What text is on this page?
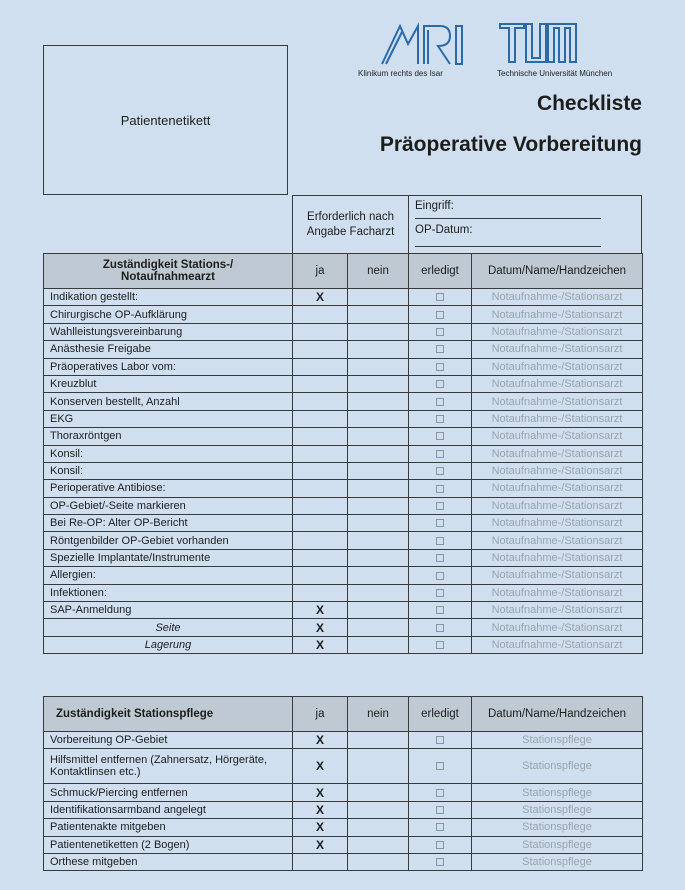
Patientenetikett
Klinikum rechts des Isar	Technische Universität München
Checkliste
Präoperative Vorbereitung
Erforderlich nach Angabe Facharzt
Eingriff:
OP-Datum:
Zuständigkeit Stations-/ Notaufnahmearzt	ja	nein	erledigt	Datum/Name/Handzeichen
Indikation gestellt:	X			Notaufnahme-/Stationsarzt
Chirurgische OP-Aufklärung				Notaufnahme-/Stationsarzt
Wahlleistungsvereinbarung				Notaufnahme-/Stationsarzt
Anästhesie Freigabe				Notaufnahme-/Stationsarzt
Präoperatives Labor vom:				Notaufnahme-/Stationsarzt
Kreuzblut				Notaufnahme-/Stationsarzt
Konserven bestellt, Anzahl				Notaufnahme-/Stationsarzt
EKG				Notaufnahme-/Stationsarzt
Thoraxröntgen				Notaufnahme-/Stationsarzt
Konsil:				Notaufnahme-/Stationsarzt
Konsil:				Notaufnahme-/Stationsarzt
Perioperative Antibiose:				Notaufnahme-/Stationsarzt
OP-Gebiet/-Seite markieren				Notaufnahme-/Stationsarzt
Bei Re-OP: Alter OP-Bericht				Notaufnahme-/Stationsarzt
Röntgenbilder OP-Gebiet vorhanden				Notaufnahme-/Stationsarzt
Spezielle Implantate/Instrumente				Notaufnahme-/Stationsarzt
Allergien:				Notaufnahme-/Stationsarzt
Infektionen:				Notaufnahme-/Stationsarzt
SAP-Anmeldung	X			Notaufnahme-/Stationsarzt
Seite	X			Notaufnahme-/Stationsarzt
Lagerung	X			Notaufnahme-/Stationsarzt
Zuständigkeit Stationspflege	ja	nein	erledigt	Datum/Name/Handzeichen
Vorbereitung OP-Gebiet	X			Stationspflege
Hilfsmittel entfernen (Zahnersatz, Hörgeräte, Kontaktlinsen etc.)	X			Stationspflege
Schmuck/Piercing entfernen	X			Stationspflege
Identifikationsarmband angelegt	X			Stationspflege
Patientenakte mitgeben	X			Stationspflege
Patientenetiketten (2 Bogen)	X			Stationspflege
Orthese mitgeben				Stationspflege
